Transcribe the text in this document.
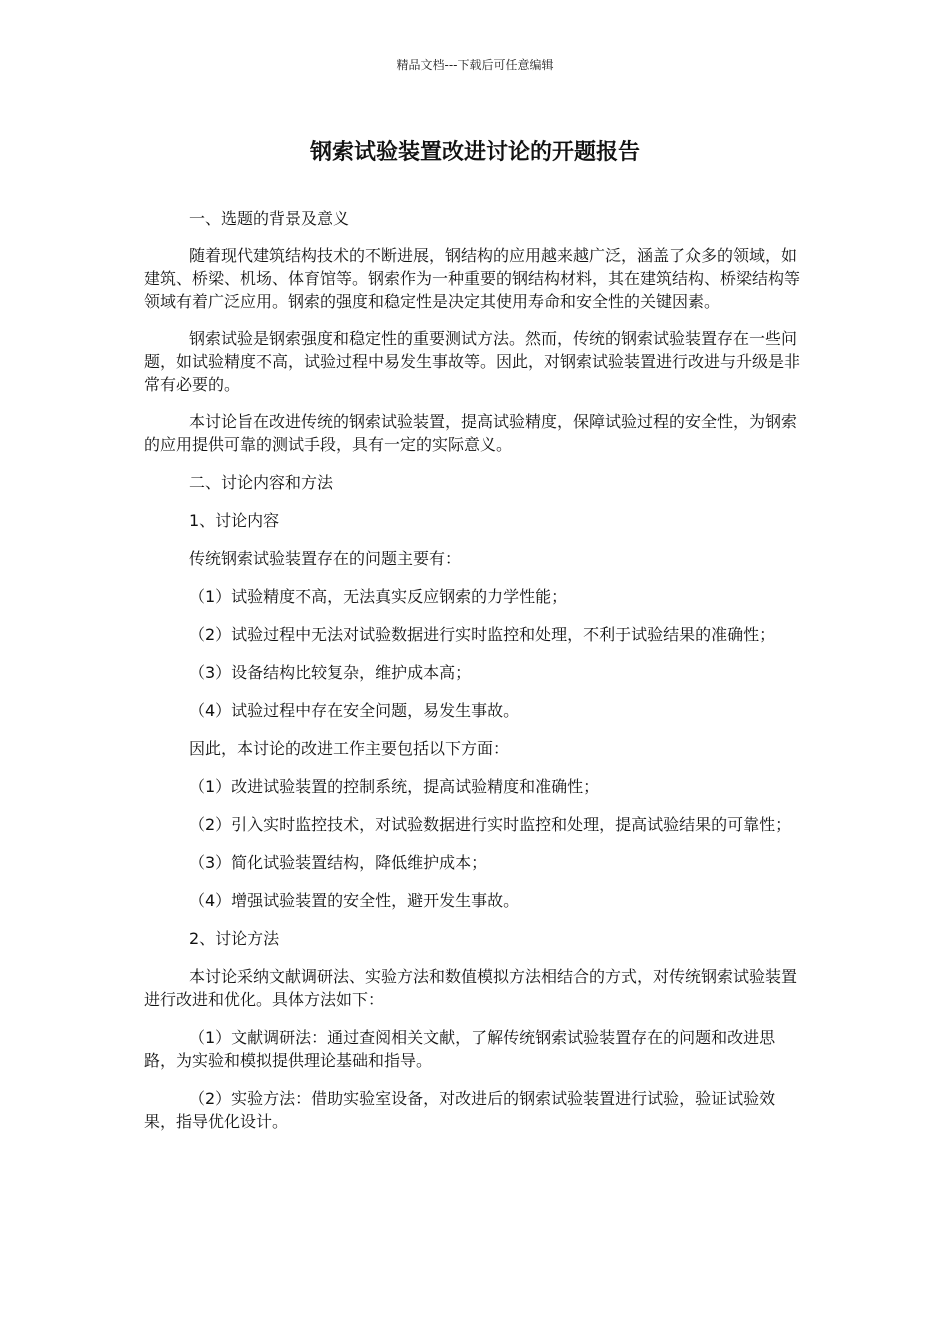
精品文档---下载后可任意编辑
钢索试验装置改进讨论的开题报告

一、选题的背景及意义

随着现代建筑结构技术的不断进展，钢结构的应用越来越广泛，涵盖了众多的领域，如建筑、桥梁、机场、体育馆等。钢索作为一种重要的钢结构材料，其在建筑结构、桥梁结构等领域有着广泛应用。钢索的强度和稳定性是决定其使用寿命和安全性的关键因素。

钢索试验是钢索强度和稳定性的重要测试方法。然而，传统的钢索试验装置存在一些问题，如试验精度不高，试验过程中易发生事故等。因此，对钢索试验装置进行改进与升级是非常有必要的。

本讨论旨在改进传统的钢索试验装置，提高试验精度，保障试验过程的安全性，为钢索的应用提供可靠的测试手段，具有一定的实际意义。

二、讨论内容和方法

1、讨论内容

传统钢索试验装置存在的问题主要有：

（1）试验精度不高，无法真实反应钢索的力学性能；

（2）试验过程中无法对试验数据进行实时监控和处理，不利于试验结果的准确性；

（3）设备结构比较复杂，维护成本高；

（4）试验过程中存在安全问题，易发生事故。

因此，本讨论的改进工作主要包括以下方面：

（1）改进试验装置的控制系统，提高试验精度和准确性；

（2）引入实时监控技术，对试验数据进行实时监控和处理，提高试验结果的可靠性；

（3）简化试验装置结构，降低维护成本；

（4）增强试验装置的安全性，避开发生事故。

2、讨论方法

本讨论采纳文献调研法、实验方法和数值模拟方法相结合的方式，对传统钢索试验装置进行改进和优化。具体方法如下：

（1）文献调研法：通过查阅相关文献，了解传统钢索试验装置存在的问题和改进思路，为实验和模拟提供理论基础和指导。

（2）实验方法：借助实验室设备，对改进后的钢索试验装置进行试验，验证试验效果，指导优化设计。
